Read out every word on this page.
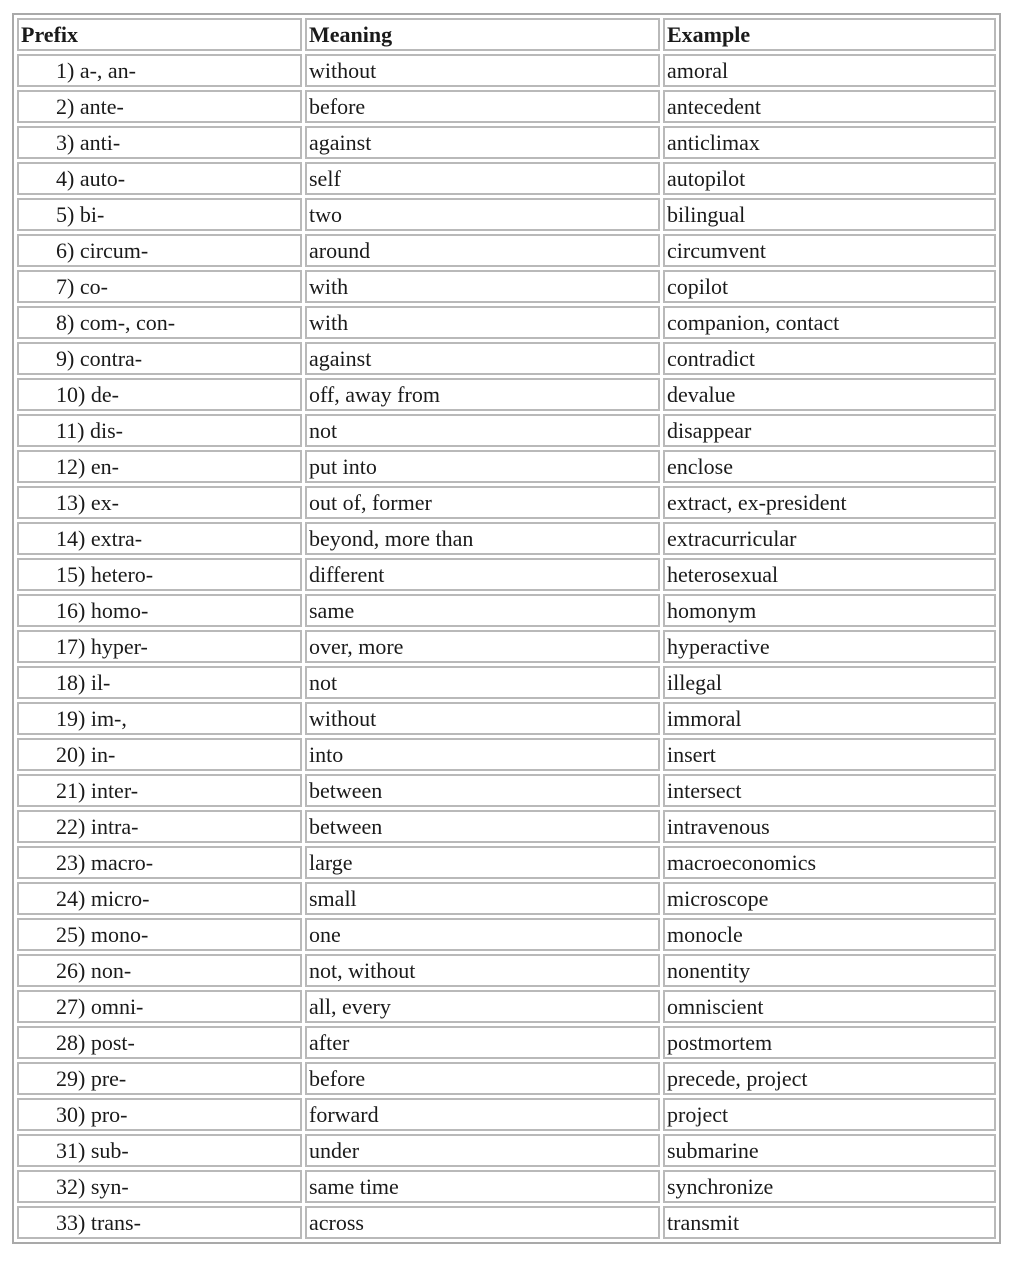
Prefix	Meaning	Example
1) a-, an-	without	amoral
2) ante-	before	antecedent
3) anti-	against	anticlimax
4) auto-	self	autopilot
5) bi-	two	bilingual
6) circum-	around	circumvent
7) co-	with	copilot
8) com-, con-	with	companion, contact
9) contra-	against	contradict
10) de-	off, away from	devalue
11) dis-	not	disappear
12) en-	put into	enclose
13) ex-	out of, former	extract, ex-president
14) extra-	beyond, more than	extracurricular
15) hetero-	different	heterosexual
16) homo-	same	homonym
17) hyper-	over, more	hyperactive
18) il-	not	illegal
19) im-,	without	immoral
20) in-	into	insert
21) inter-	between	intersect
22) intra-	between	intravenous
23) macro-	large	macroeconomics
24) micro-	small	microscope
25) mono-	one	monocle
26) non-	not, without	nonentity
27) omni-	all, every	omniscient
28) post-	after	postmortem
29) pre-	before	precede, project
30) pro-	forward	project
31) sub-	under	submarine
32) syn-	same time	synchronize
33) trans-	across	transmit
